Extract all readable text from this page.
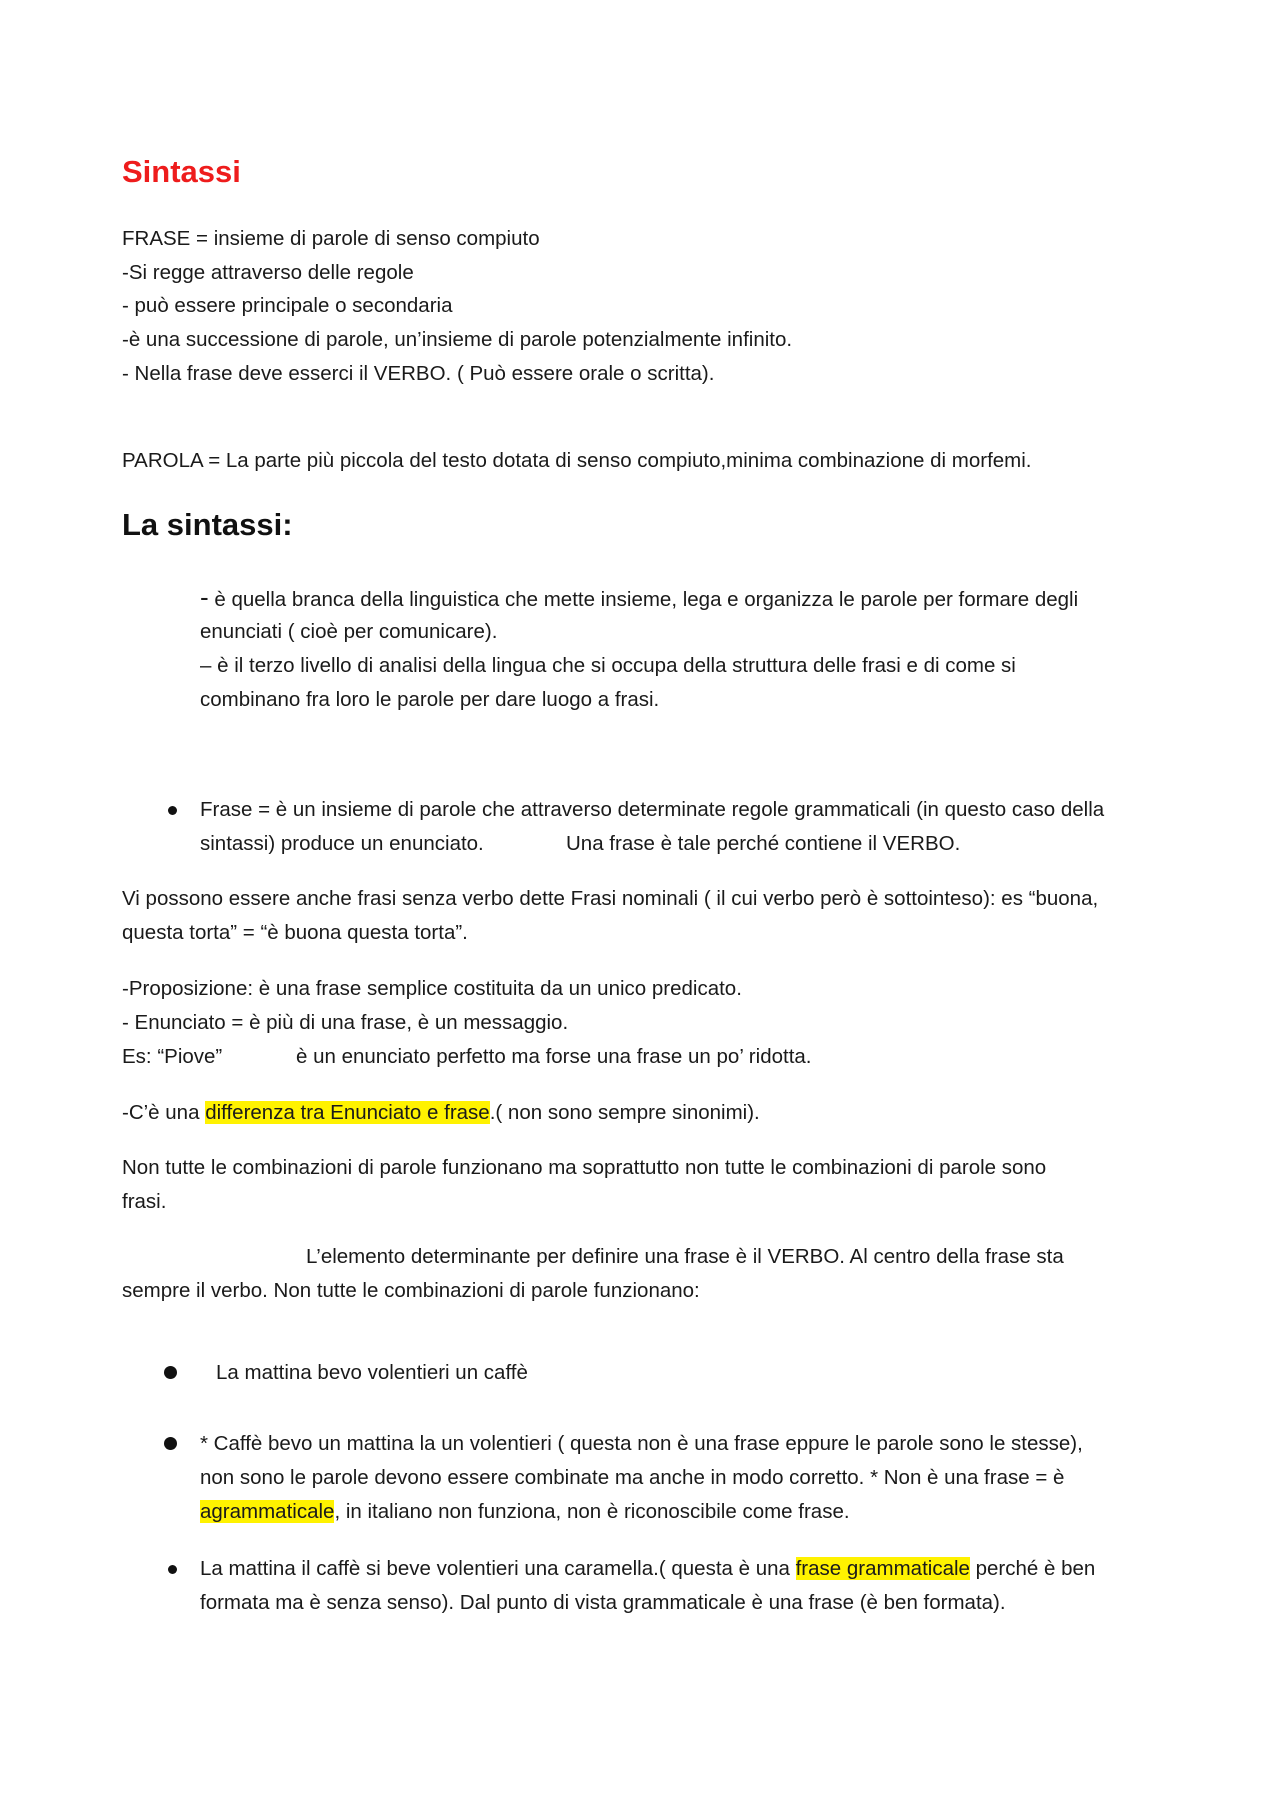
Sintassi
FRASE = insieme di parole di senso compiuto
-Si regge attraverso delle regole
- può essere principale o secondaria
-è una successione di parole, un’insieme di parole potenzialmente infinito.
- Nella frase deve esserci il VERBO. ( Può essere orale o scritta).
PAROLA = La parte più piccola del testo dotata di senso compiuto,minima combinazione di morfemi.
La sintassi:
- è quella branca della linguistica che mette insieme, lega e organizza le parole per formare degli
enunciati ( cioè per comunicare).
– è il terzo livello di analisi della lingua che si occupa della struttura delle frasi e di come si
combinano fra loro le parole per dare luogo a frasi.
Frase = è un insieme di parole che attraverso determinate regole grammaticali (in questo caso della
sintassi) produce un enunciato.	Una frase è tale perché contiene il VERBO.
Vi possono essere anche frasi senza verbo dette Frasi nominali ( il cui verbo però è sottointeso): es “buona,
questa torta” = “è buona questa torta”.
-Proposizione: è una frase semplice costituita da un unico predicato.
- Enunciato = è più di una frase, è un messaggio.
Es: “Piove”	è un enunciato perfetto ma forse una frase un po’ ridotta.
-C’è una differenza tra Enunciato e frase.( non sono sempre sinonimi).
Non tutte le combinazioni di parole funzionano ma soprattutto non tutte le combinazioni di parole sono
frasi.
L’elemento determinante per definire una frase è il VERBO. Al centro della frase sta
sempre il verbo. Non tutte le combinazioni di parole funzionano:
La mattina bevo volentieri un caffè
* Caffè bevo un mattina la un volentieri ( questa non è una frase eppure le parole sono le stesse),
non sono le parole devono essere combinate ma anche in modo corretto. * Non è una frase = è
agrammaticale, in italiano non funziona, non è riconoscibile come frase.
La mattina il caffè si beve volentieri una caramella.( questa è una frase grammaticale perché è ben
formata ma è senza senso). Dal punto di vista grammaticale è una frase (è ben formata).
